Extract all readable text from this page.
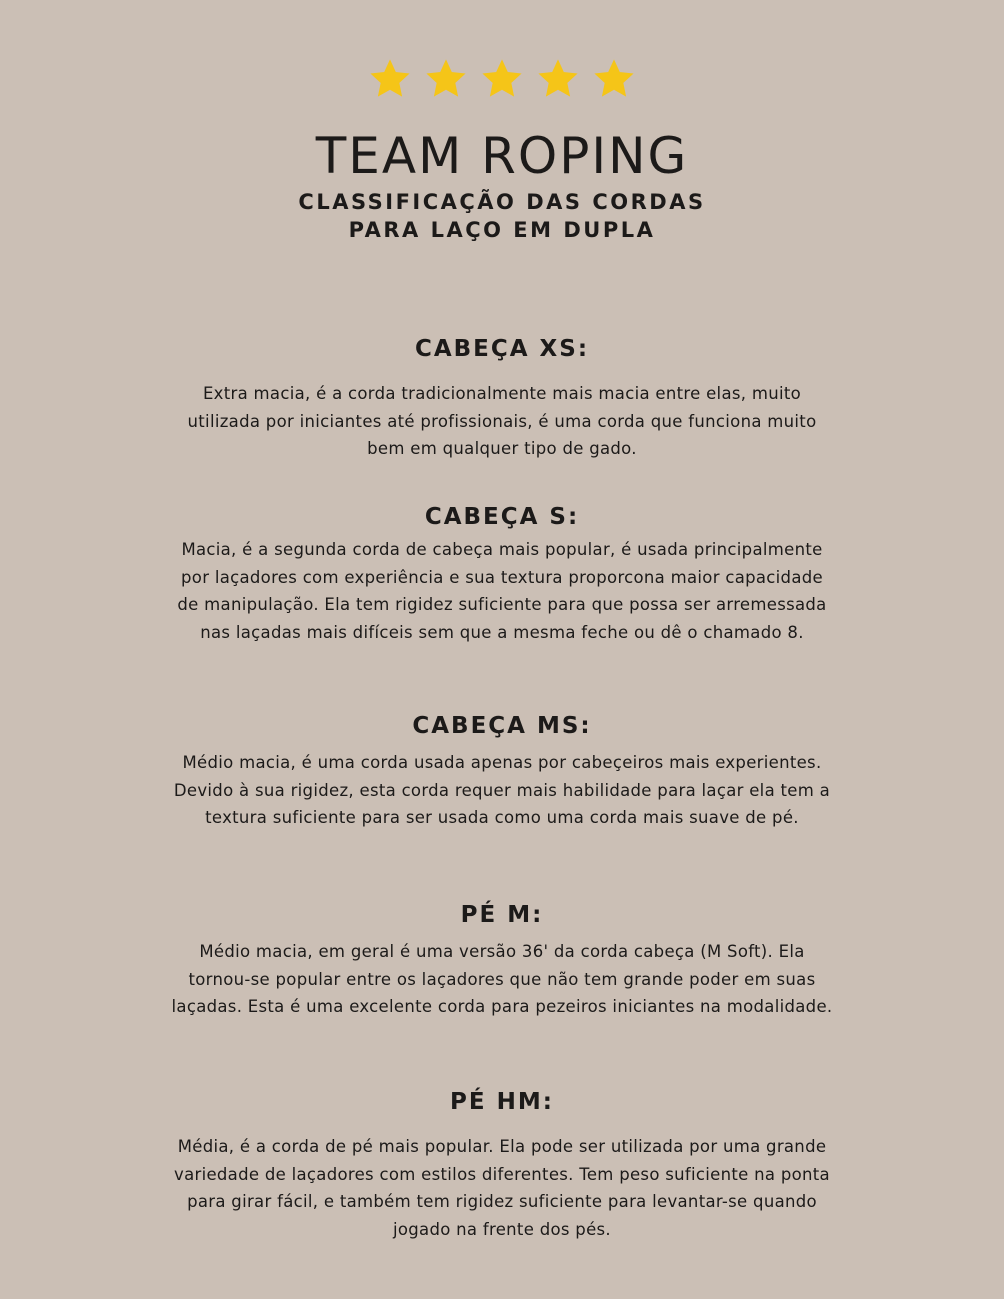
TEAM ROPING
CLASSIFICAÇÃO DAS CORDAS
PARA LAÇO EM DUPLA
CABEÇA XS:

Extra macia, é a corda tradicionalmente mais macia entre elas, muito utilizada por iniciantes até profissionais, é uma corda que funciona muito bem em qualquer tipo de gado.

CABEÇA S:

Macia, é a segunda corda de cabeça mais popular, é usada principalmente por laçadores com experiência e sua textura proporcona maior capacidade de manipulação. Ela tem rigidez suficiente para que possa ser arremessada nas laçadas mais difíceis sem que a mesma feche ou dê o chamado 8.

CABEÇA MS:

Médio macia, é uma corda usada apenas por cabeçeiros mais experientes. Devido à sua rigidez, esta corda requer mais habilidade para laçar ela tem a textura suficiente para ser usada como uma corda mais suave de pé.

PÉ M:

Médio macia, em geral é uma versão 36' da corda cabeça (M Soft). Ela tornou-se popular entre os laçadores que não tem grande poder em suas laçadas. Esta é uma excelente corda para pezeiros iniciantes na modalidade.

PÉ HM:

Média, é a corda de pé mais popular. Ela pode ser utilizada por uma grande variedade de laçadores com estilos diferentes. Tem peso suficiente na ponta para girar fácil, e também tem rigidez suficiente para levantar-se quando jogado na frente dos pés.
